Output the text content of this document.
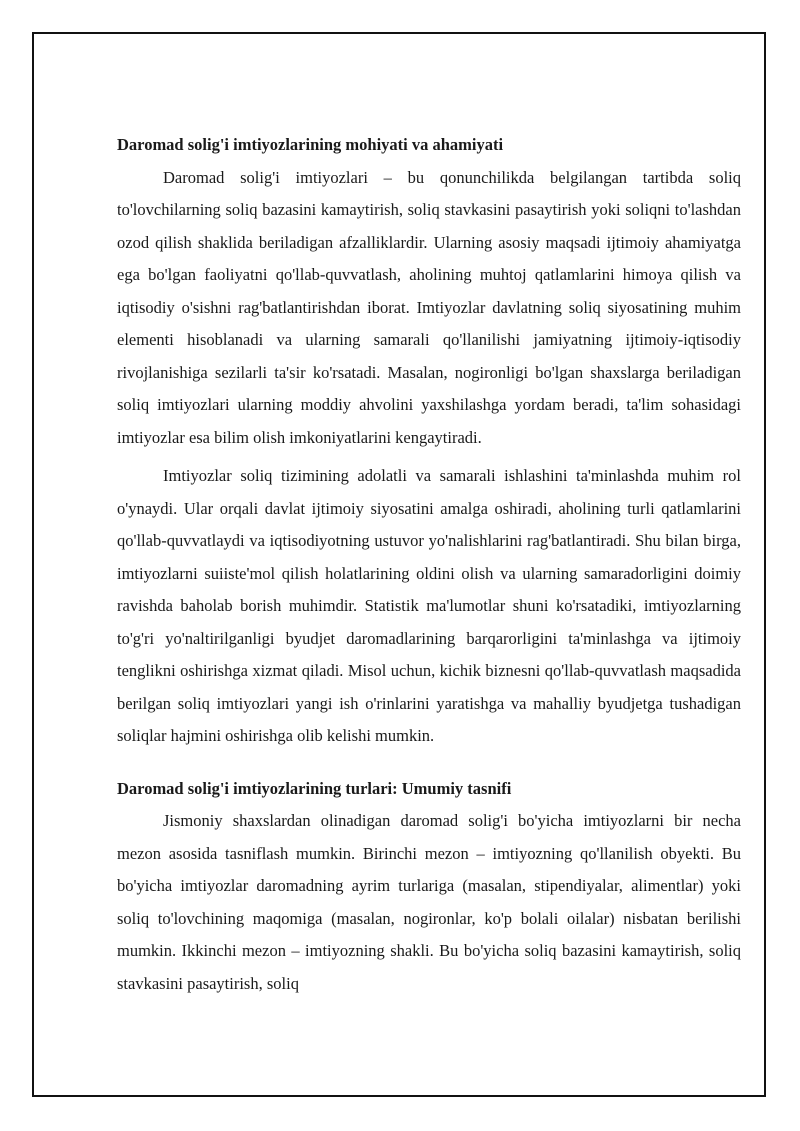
Daromad solig'i imtiyozlarining mohiyati va ahamiyati

Daromad solig'i imtiyozlari – bu qonunchilikda belgilangan tartibda soliq to'lovchilarning soliq bazasini kamaytirish, soliq stavkasini pasaytirish yoki soliqni to'lashdan ozod qilish shaklida beriladigan afzalliklardir. Ularning asosiy maqsadi ijtimoiy ahamiyatga ega bo'lgan faoliyatni qo'llab-quvvatlash, aholining muhtoj qatlamlarini himoya qilish va iqtisodiy o'sishni rag'batlantirishdan iborat. Imtiyozlar davlatning soliq siyosatining muhim elementi hisoblanadi va ularning samarali qo'llanilishi jamiyatning ijtimoiy-iqtisodiy rivojlanishiga sezilarli ta'sir ko'rsatadi. Masalan, nogironligi bo'lgan shaxslarga beriladigan soliq imtiyozlari ularning moddiy ahvolini yaxshilashga yordam beradi, ta'lim sohasidagi imtiyozlar esa bilim olish imkoniyatlarini kengaytiradi.

Imtiyozlar soliq tizimining adolatli va samarali ishlashini ta'minlashda muhim rol o'ynaydi. Ular orqali davlat ijtimoiy siyosatini amalga oshiradi, aholining turli qatlamlarini qo'llab-quvvatlaydi va iqtisodiyotning ustuvor yo'nalishlarini rag'batlantiradi. Shu bilan birga, imtiyozlarni suiiste'mol qilish holatlarining oldini olish va ularning samaradorligini doimiy ravishda baholab borish muhimdir. Statistik ma'lumotlar shuni ko'rsatadiki, imtiyozlarning to'g'ri yo'naltirilganligi byudjet daromadlarining barqarorligini ta'minlashga va ijtimoiy tenglikni oshirishga xizmat qiladi. Misol uchun, kichik biznesni qo'llab-quvvatlash maqsadida berilgan soliq imtiyozlari yangi ish o'rinlarini yaratishga va mahalliy byudjetga tushadigan soliqlar hajmini oshirishga olib kelishi mumkin.

Daromad solig'i imtiyozlarining turlari: Umumiy tasnifi

Jismoniy shaxslardan olinadigan daromad solig'i bo'yicha imtiyozlarni bir necha mezon asosida tasniflash mumkin. Birinchi mezon – imtiyozning qo'llanilish obyekti. Bu bo'yicha imtiyozlar daromadning ayrim turlariga (masalan, stipendiyalar, alimentlar) yoki soliq to'lovchining maqomiga (masalan, nogironlar, ko'p bolali oilalar) nisbatan berilishi mumkin. Ikkinchi mezon – imtiyozning shakli. Bu bo'yicha soliq bazasini kamaytirish, soliq stavkasini pasaytirish, soliq
